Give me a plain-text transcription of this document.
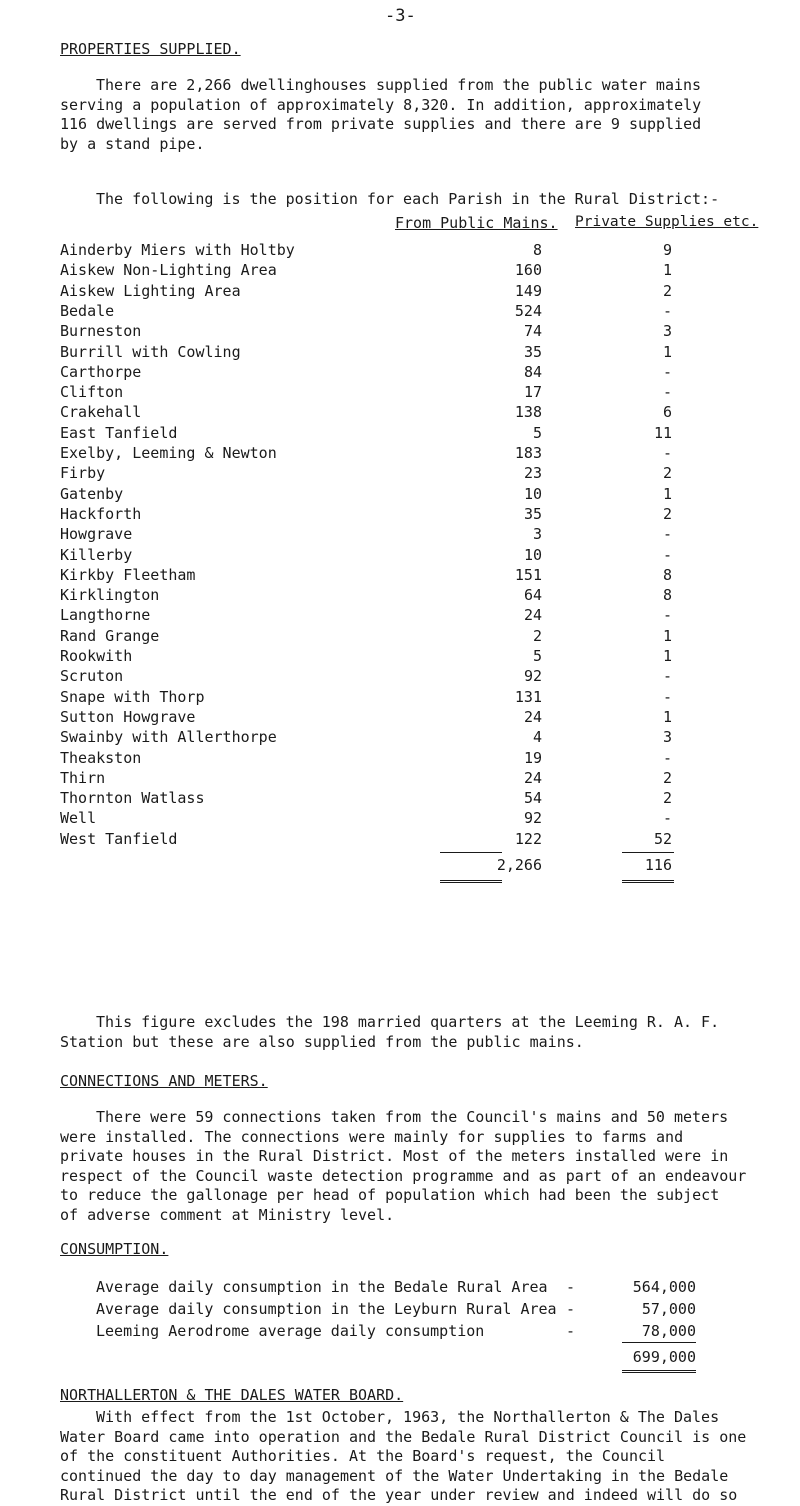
-3-
PROPERTIES SUPPLIED.
There are 2,266 dwellinghouses supplied from the public water mains
serving a population of approximately 8,320. In addition, approximately
116 dwellings are served from private supplies and there are 9 supplied
by a stand pipe.
The following is the position for each Parish in the Rural District:-
From Public Mains. Private Supplies etc.
Ainderby Miers with Holtby	8	9
Aiskew Non-Lighting Area	160	1
Aiskew Lighting Area	149	2
Bedale	524	-
Burneston	74	3
Burrill with Cowling	35	1
Carthorpe	84	-
Clifton	17	-
Crakehall	138	6
East Tanfield	5	11
Exelby, Leeming & Newton	183	-
Firby	23	2
Gatenby	10	1
Hackforth	35	2
Howgrave	3	-
Killerby	10	-
Kirkby Fleetham	151	8
Kirklington	64	8
Langthorne	24	-
Rand Grange	2	1
Rookwith	5	1
Scruton	92	-
Snape with Thorp	131	-
Sutton Howgrave	24	1
Swainby with Allerthorpe	4	3
Theakston	19	-
Thirn	24	2
Thornton Watlass	54	2
Well	92	-
West Tanfield	122	52
2,266	116
This figure excludes the 198 married quarters at the Leeming R. A. F.
Station but these are also supplied from the public mains.
CONNECTIONS AND METERS.
There were 59 connections taken from the Council's mains and 50 meters
were installed. The connections were mainly for supplies to farms and
private houses in the Rural District. Most of the meters installed were in
respect of the Council waste detection programme and as part of an endeavour
to reduce the gallonage per head of population which had been the subject
of adverse comment at Ministry level.
CONSUMPTION.
Average daily consumption in the Bedale Rural Area -	564,000
Average daily consumption in the Leyburn Rural Area -	57,000
Leeming Aerodrome average daily consumption	-	78,000
699,000
NORTHALLERTON & THE DALES WATER BOARD.
With effect from the 1st October, 1963, the Northallerton & The Dales
Water Board came into operation and the Bedale Rural District Council is one
of the constituent Authorities. At the Board's request, the Council
continued the day to day management of the Water Undertaking in the Bedale
Rural District until the end of the year under review and indeed will do so
